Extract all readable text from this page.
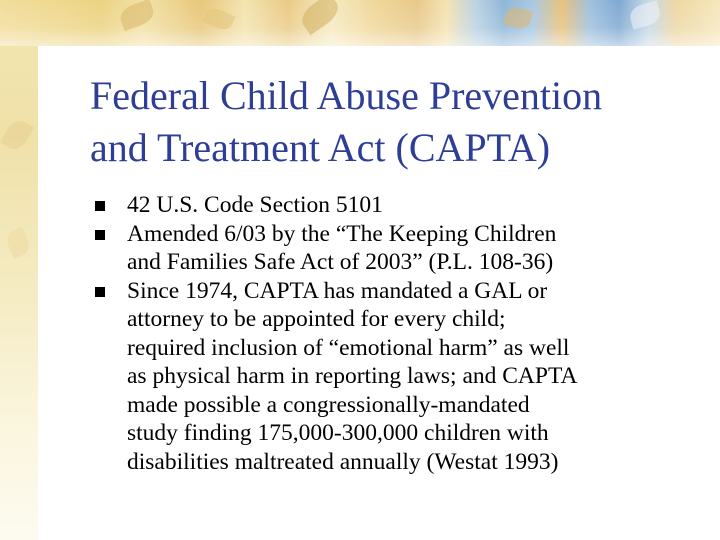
Federal Child Abuse Prevention
and Treatment Act (CAPTA)
42 U.S. Code Section 5101
Amended 6/03 by the “The Keeping Children
and Families Safe Act of 2003” (P.L. 108-36)
Since 1974, CAPTA has mandated a GAL or
attorney to be appointed for every child;
required inclusion of “emotional harm” as well
as physical harm in reporting laws; and CAPTA
made possible a congressionally-mandated
study finding 175,000-300,000 children with
disabilities maltreated annually (Westat 1993)
